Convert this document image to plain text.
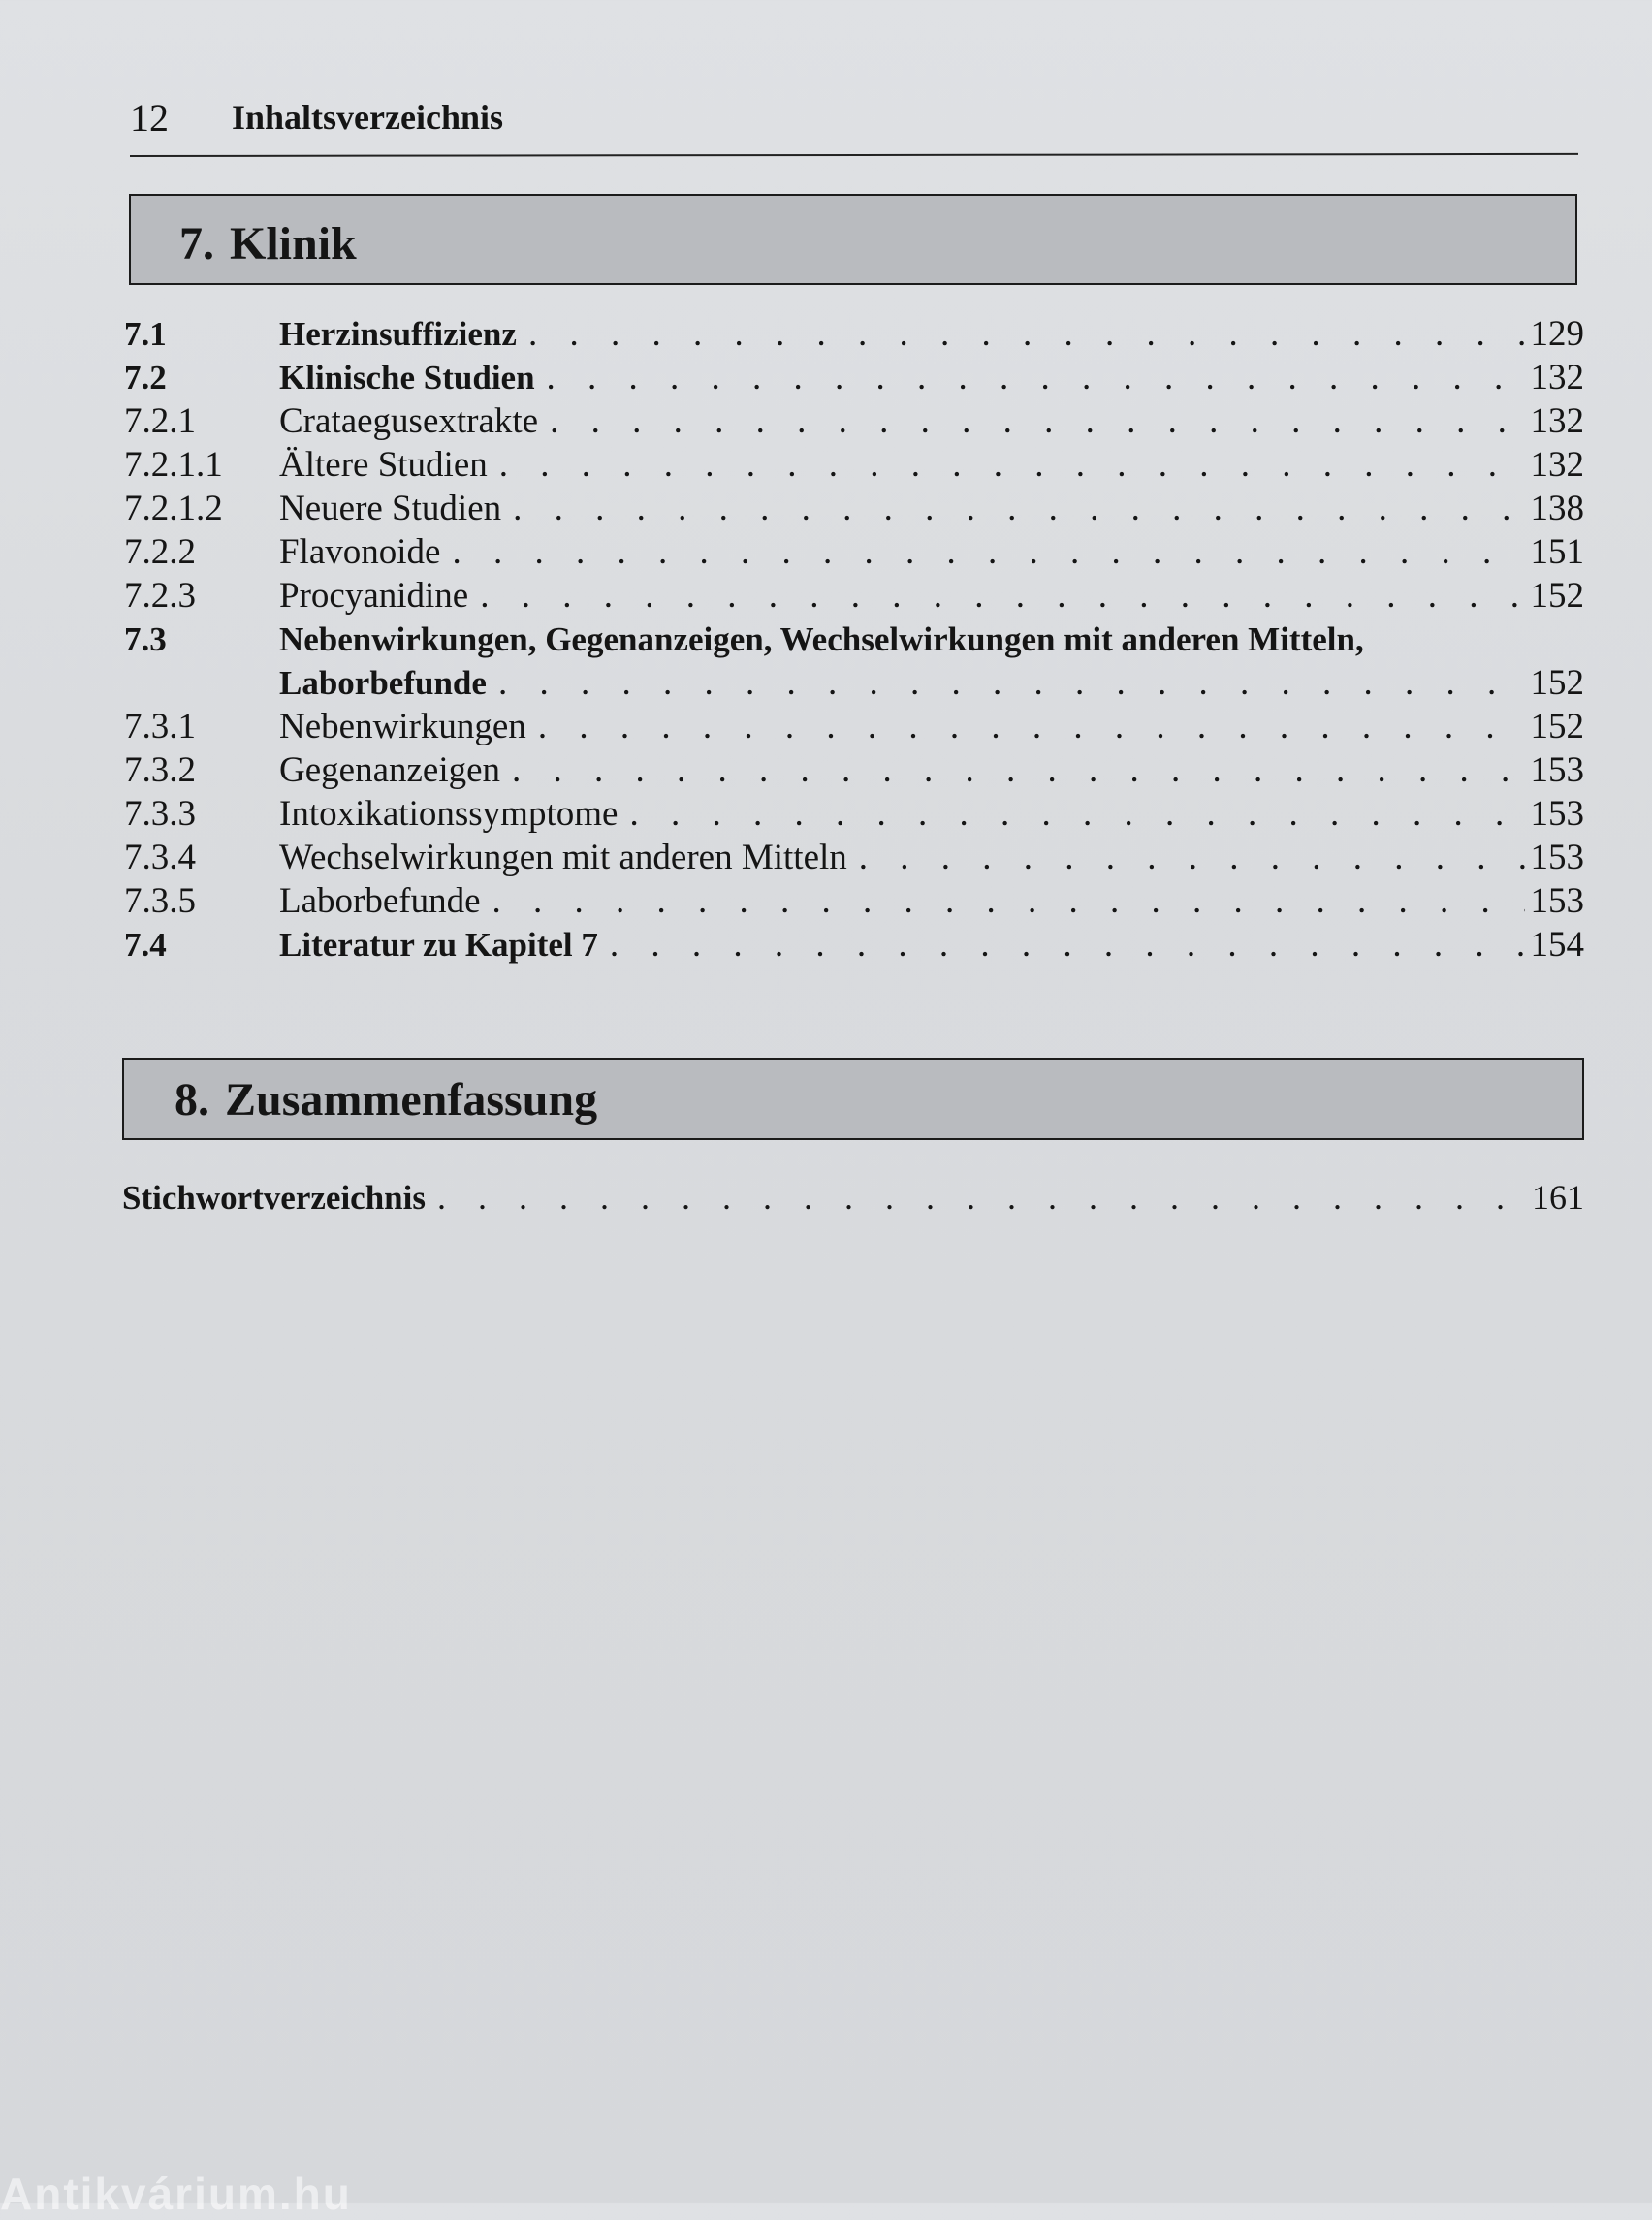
12 Inhaltsverzeichnis
7. Klinik
7.1	Herzinsuffizienz . . .	129
7.2	Klinische Studien . . .	132
7.2.1 Crataegusextrakte . . .	132
7.2.1.1 Ältere Studien . . .	132
7.2.1.2 Neuere Studien . . .	138
7.2.2 Flavonoide . . .	151
7.2.3 Procyanidine . . .	152
7.3	Nebenwirkungen, Gegenanzeigen, Wechselwirkungen mit anderen Mitteln,
Laborbefunde . . .	152
7.3.1 Nebenwirkungen . . .	152
7.3.2 Gegenanzeigen . . .	153
7.3.3 Intoxikationssymptome . . .	153
7.3.4 Wechselwirkungen mit anderen Mitteln . . .	153
7.3.5 Laborbefunde . . .	153
7.4	Literatur zu Kapitel 7 . . .	154
8. Zusammenfassung
Stichwortverzeichnis . . .	161
Antikvárium.hu
